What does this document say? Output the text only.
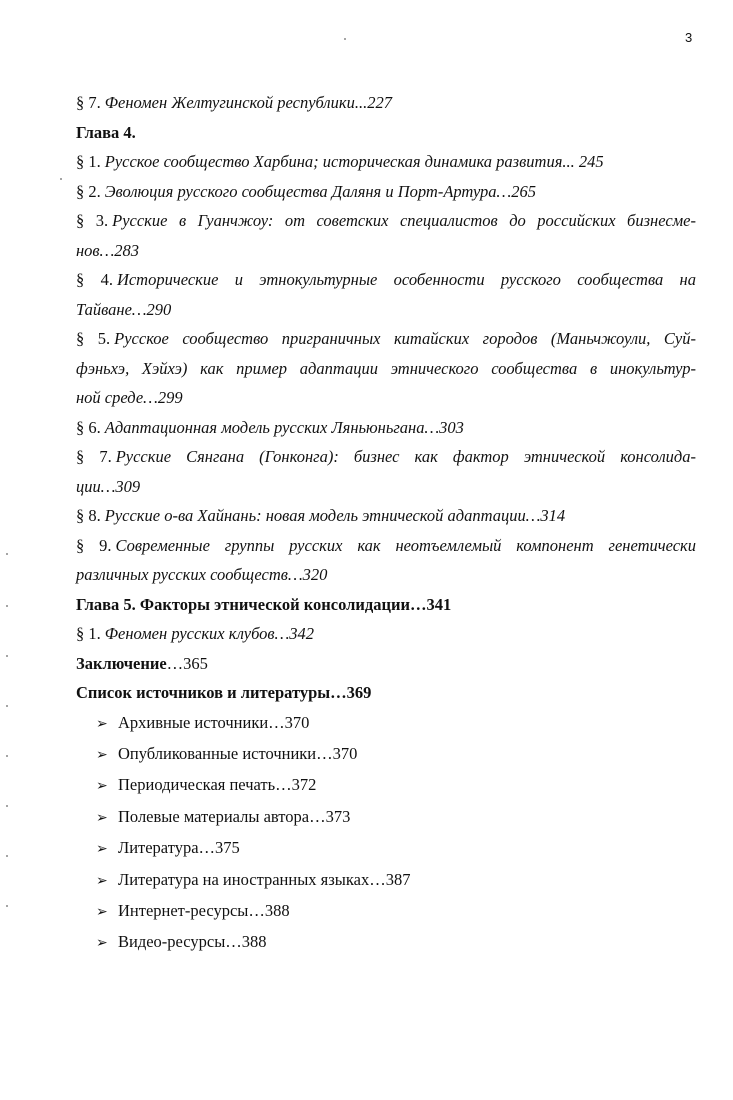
3
§ 7. Феномен Желтугинской республики...227
Глава 4.
§ 1. Русское сообщество Харбина; историческая динамика развития... 245
§ 2. Эволюция русского сообщества Даляня и Порт-Артура…265
§ 3. Русские в Гуанчжоу: от советских специалистов до российских бизнесме-
нов…283
§ 4. Исторические и этнокультурные особенности русского сообщества на
Тайване…290
§ 5. Русское сообщество приграничных китайских городов (Маньчжоули, Суй-
фэньхэ, Хэйхэ) как пример адаптации этнического сообщества в инокультур-
ной среде…299
§ 6. Адаптационная модель русских Ляньюньгана…303
§ 7. Русские Сянгана (Гонконга): бизнес как фактор этнической консолида-
ции…309
§ 8. Русские о-ва Хайнань: новая модель этнической адаптации…314
§ 9. Современные группы русских как неотъемлемый компонент генетически
различных русских сообществ…320
Глава 5. Факторы этнической консолидации…341
§ 1. Феномен русских клубов…342
Заключение…365
Список источников и литературы…369
➢ Архивные источники…370
➢ Опубликованные источники…370
➢ Периодическая печать…372
➢ Полевые материалы автора…373
➢ Литература…375
➢ Литература на иностранных языках…387
➢ Интернет-ресурсы…388
➢ Видео-ресурсы…388
